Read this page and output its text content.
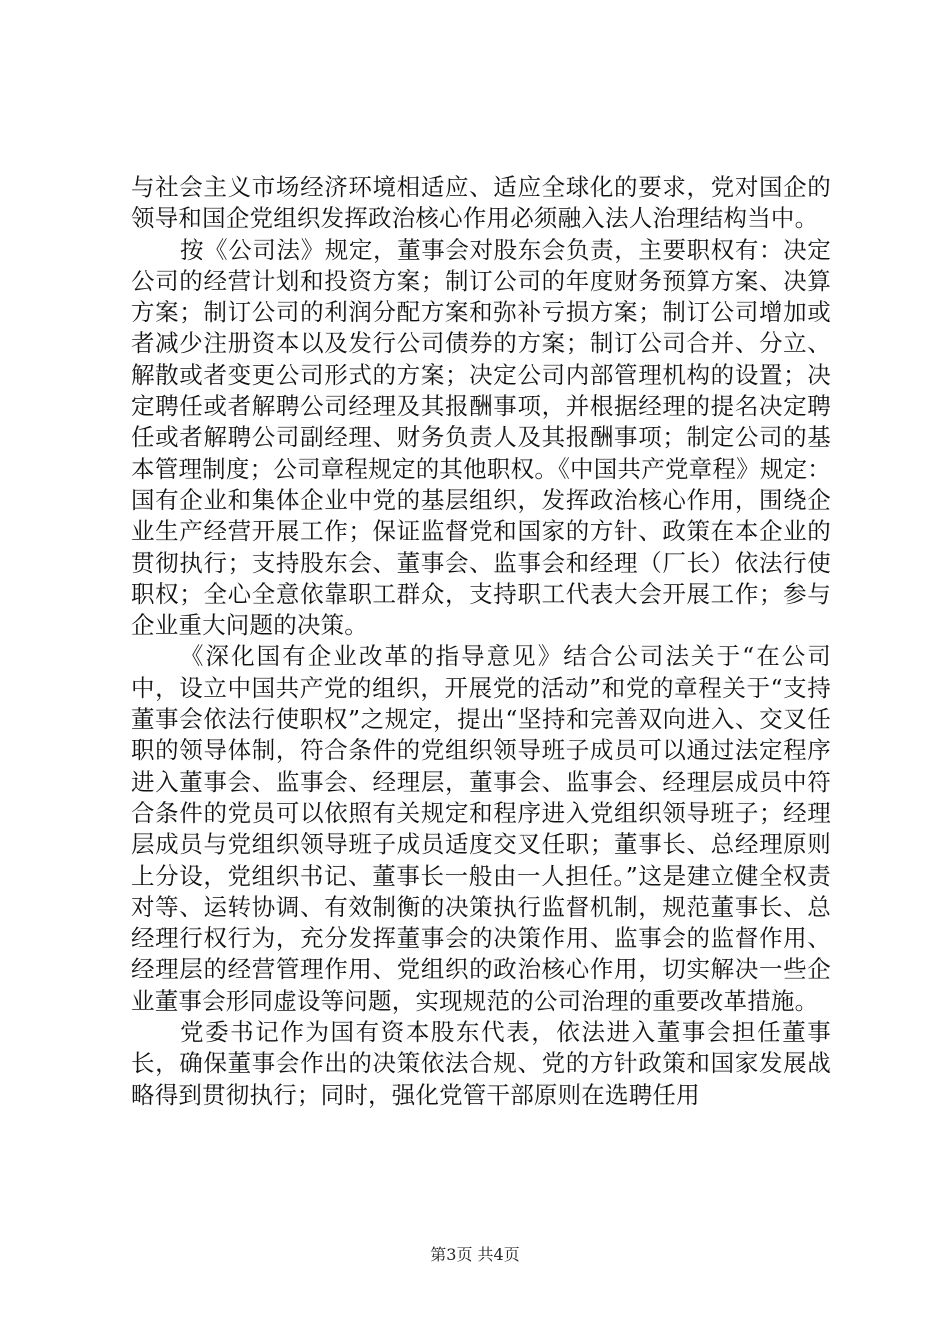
与社会主义市场经济环境相适应、适应全球化的要求，党对国企的领导和国企党组织发挥政治核心作用必须融入法人治理结构当中。

按《公司法》规定，董事会对股东会负责，主要职权有：决定公司的经营计划和投资方案；制订公司的年度财务预算方案、决算方案；制订公司的利润分配方案和弥补亏损方案；制订公司增加或者减少注册资本以及发行公司债券的方案；制订公司合并、分立、解散或者变更公司形式的方案；决定公司内部管理机构的设置；决定聘任或者解聘公司经理及其报酬事项，并根据经理的提名决定聘任或者解聘公司副经理、财务负责人及其报酬事项；制定公司的基本管理制度；公司章程规定的其他职权。《中国共产党章程》规定：国有企业和集体企业中党的基层组织，发挥政治核心作用，围绕企业生产经营开展工作；保证监督党和国家的方针、政策在本企业的贯彻执行；支持股东会、董事会、监事会和经理（厂长）依法行使职权；全心全意依靠职工群众，支持职工代表大会开展工作；参与企业重大问题的决策。

《深化国有企业改革的指导意见》结合公司法关于“在公司中，设立中国共产党的组织，开展党的活动”和党的章程关于“支持董事会依法行使职权”之规定，提出“坚持和完善双向进入、交叉任职的领导体制，符合条件的党组织领导班子成员可以通过法定程序进入董事会、监事会、经理层，董事会、监事会、经理层成员中符合条件的党员可以依照有关规定和程序进入党组织领导班子；经理层成员与党组织领导班子成员适度交叉任职；董事长、总经理原则上分设，党组织书记、董事长一般由一人担任。”这是建立健全权责对等、运转协调、有效制衡的决策执行监督机制，规范董事长、总经理行权行为，充分发挥董事会的决策作用、监事会的监督作用、经理层的经营管理作用、党组织的政治核心作用，切实解决一些企业董事会形同虚设等问题，实现规范的公司治理的重要改革措施。

党委书记作为国有资本股东代表，依法进入董事会担任董事长，确保董事会作出的决策依法合规、党的方针政策和国家发展战略得到贯彻执行；同时，强化党管干部原则在选聘任用

第3页 共4页
